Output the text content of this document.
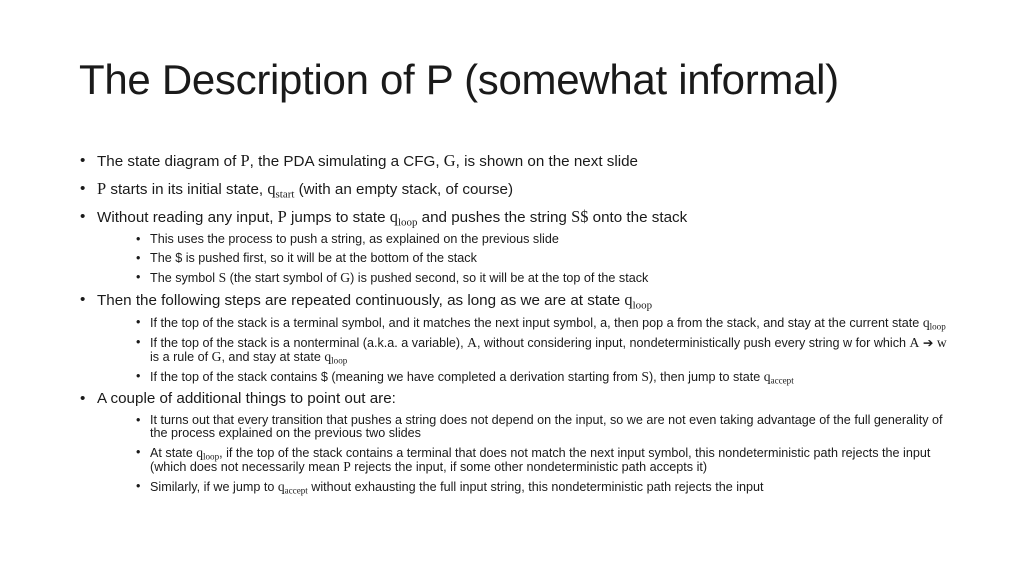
The Description of P (somewhat informal)
• The state diagram of P, the PDA simulating a CFG, G, is shown on the next slide
• P starts in its initial state, $q_{start}$ (with an empty stack, of course)
• Without reading any input, P jumps to state $q_{loop}$ and pushes the string S$ onto the stack
• This uses the process to push a string, as explained on the previous slide
• The $ is pushed first, so it will be at the bottom of the stack
• The symbol S (the start symbol of G) is pushed second, so it will be at the top of the stack
• Then the following steps are repeated continuously, as long as we are at state $q_{loop}$
• If the top of the stack is a terminal symbol, and it matches the next input symbol, a, then pop a from the stack, and stay at the current state $q_{loop}$
• If the top of the stack is a nonterminal (a.k.a. a variable), A, without considering input, nondeterministically push every string w for which A ➔ w is a rule of G, and stay at state $q_{loop}$
• If the top of the stack contains $ (meaning we have completed a derivation starting from S), then jump to state $q_{accept}$
• A couple of additional things to point out are:
• It turns out that every transition that pushes a string does not depend on the input, so we are not even taking advantage of the full generality of the process explained on the previous two slides
• At state $q_{loop}$, if the top of the stack contains a terminal that does not match the next input symbol, this nondeterministic path rejects the input (which does not necessarily mean P rejects the input, if some other nondeterministic path accepts it)
• Similarly, if we jump to $q_{accept}$ without exhausting the full input string, this nondeterministic path rejects the input
